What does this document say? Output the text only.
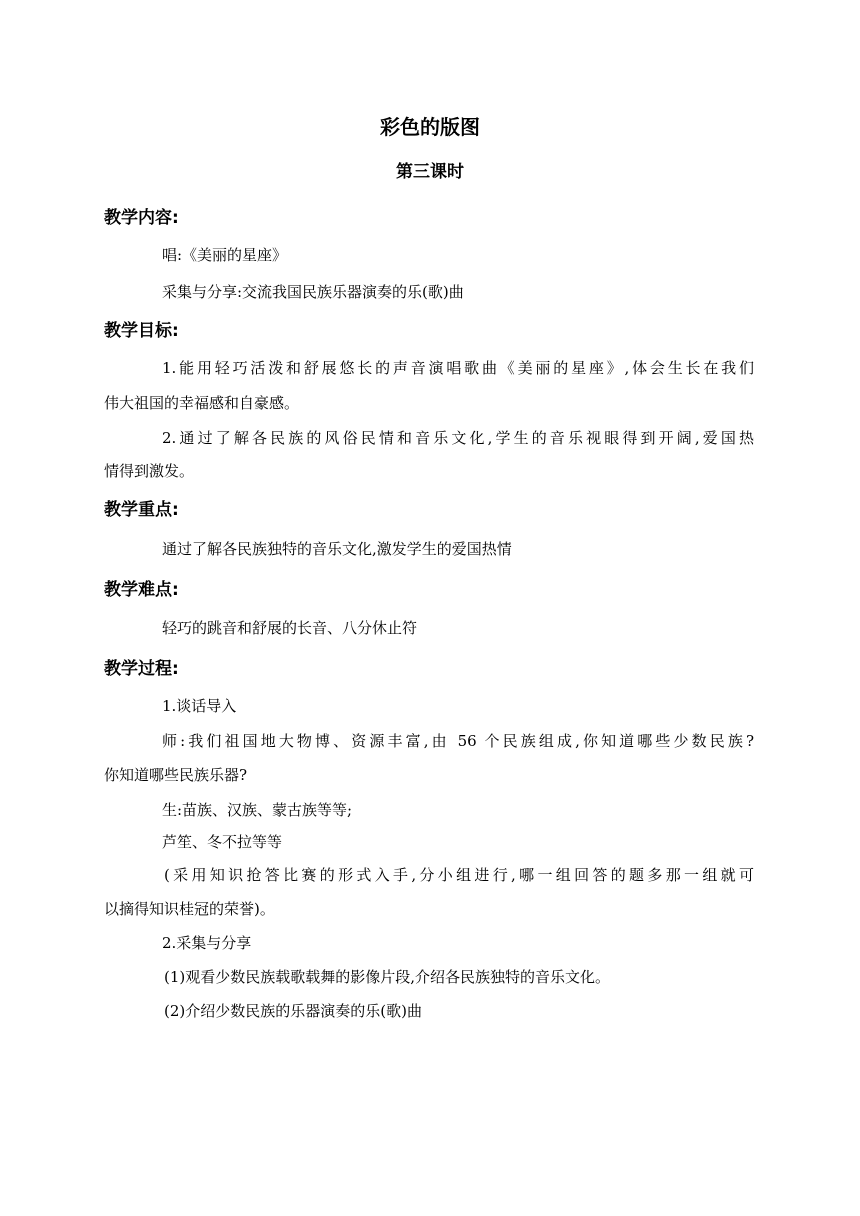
彩色的版图
第三课时
教学内容:
唱:《美丽的星座》
采集与分享:交流我国民族乐器演奏的乐(歌)曲
教学目标:
1.能用轻巧活泼和舒展悠长的声音演唱歌曲《美丽的星座》,体会生长在我们
伟大祖国的幸福感和自豪感。
2.通过了解各民族的风俗民情和音乐文化,学生的音乐视眼得到开阔,爱国热
情得到激发。
教学重点:
通过了解各民族独特的音乐文化,激发学生的爱国热情
教学难点:
轻巧的跳音和舒展的长音、八分休止符
教学过程:
1.谈话导入
师:我们祖国地大物博、资源丰富,由 56 个民族组成,你知道哪些少数民族?
你知道哪些民族乐器?
生:苗族、汉族、蒙古族等等;
芦笙、冬不拉等等
(采用知识抢答比赛的形式入手,分小组进行,哪一组回答的题多那一组就可
以摘得知识桂冠的荣誉)。
2.采集与分享
(1)观看少数民族载歌载舞的影像片段,介绍各民族独特的音乐文化。
(2)介绍少数民族的乐器演奏的乐(歌)曲
